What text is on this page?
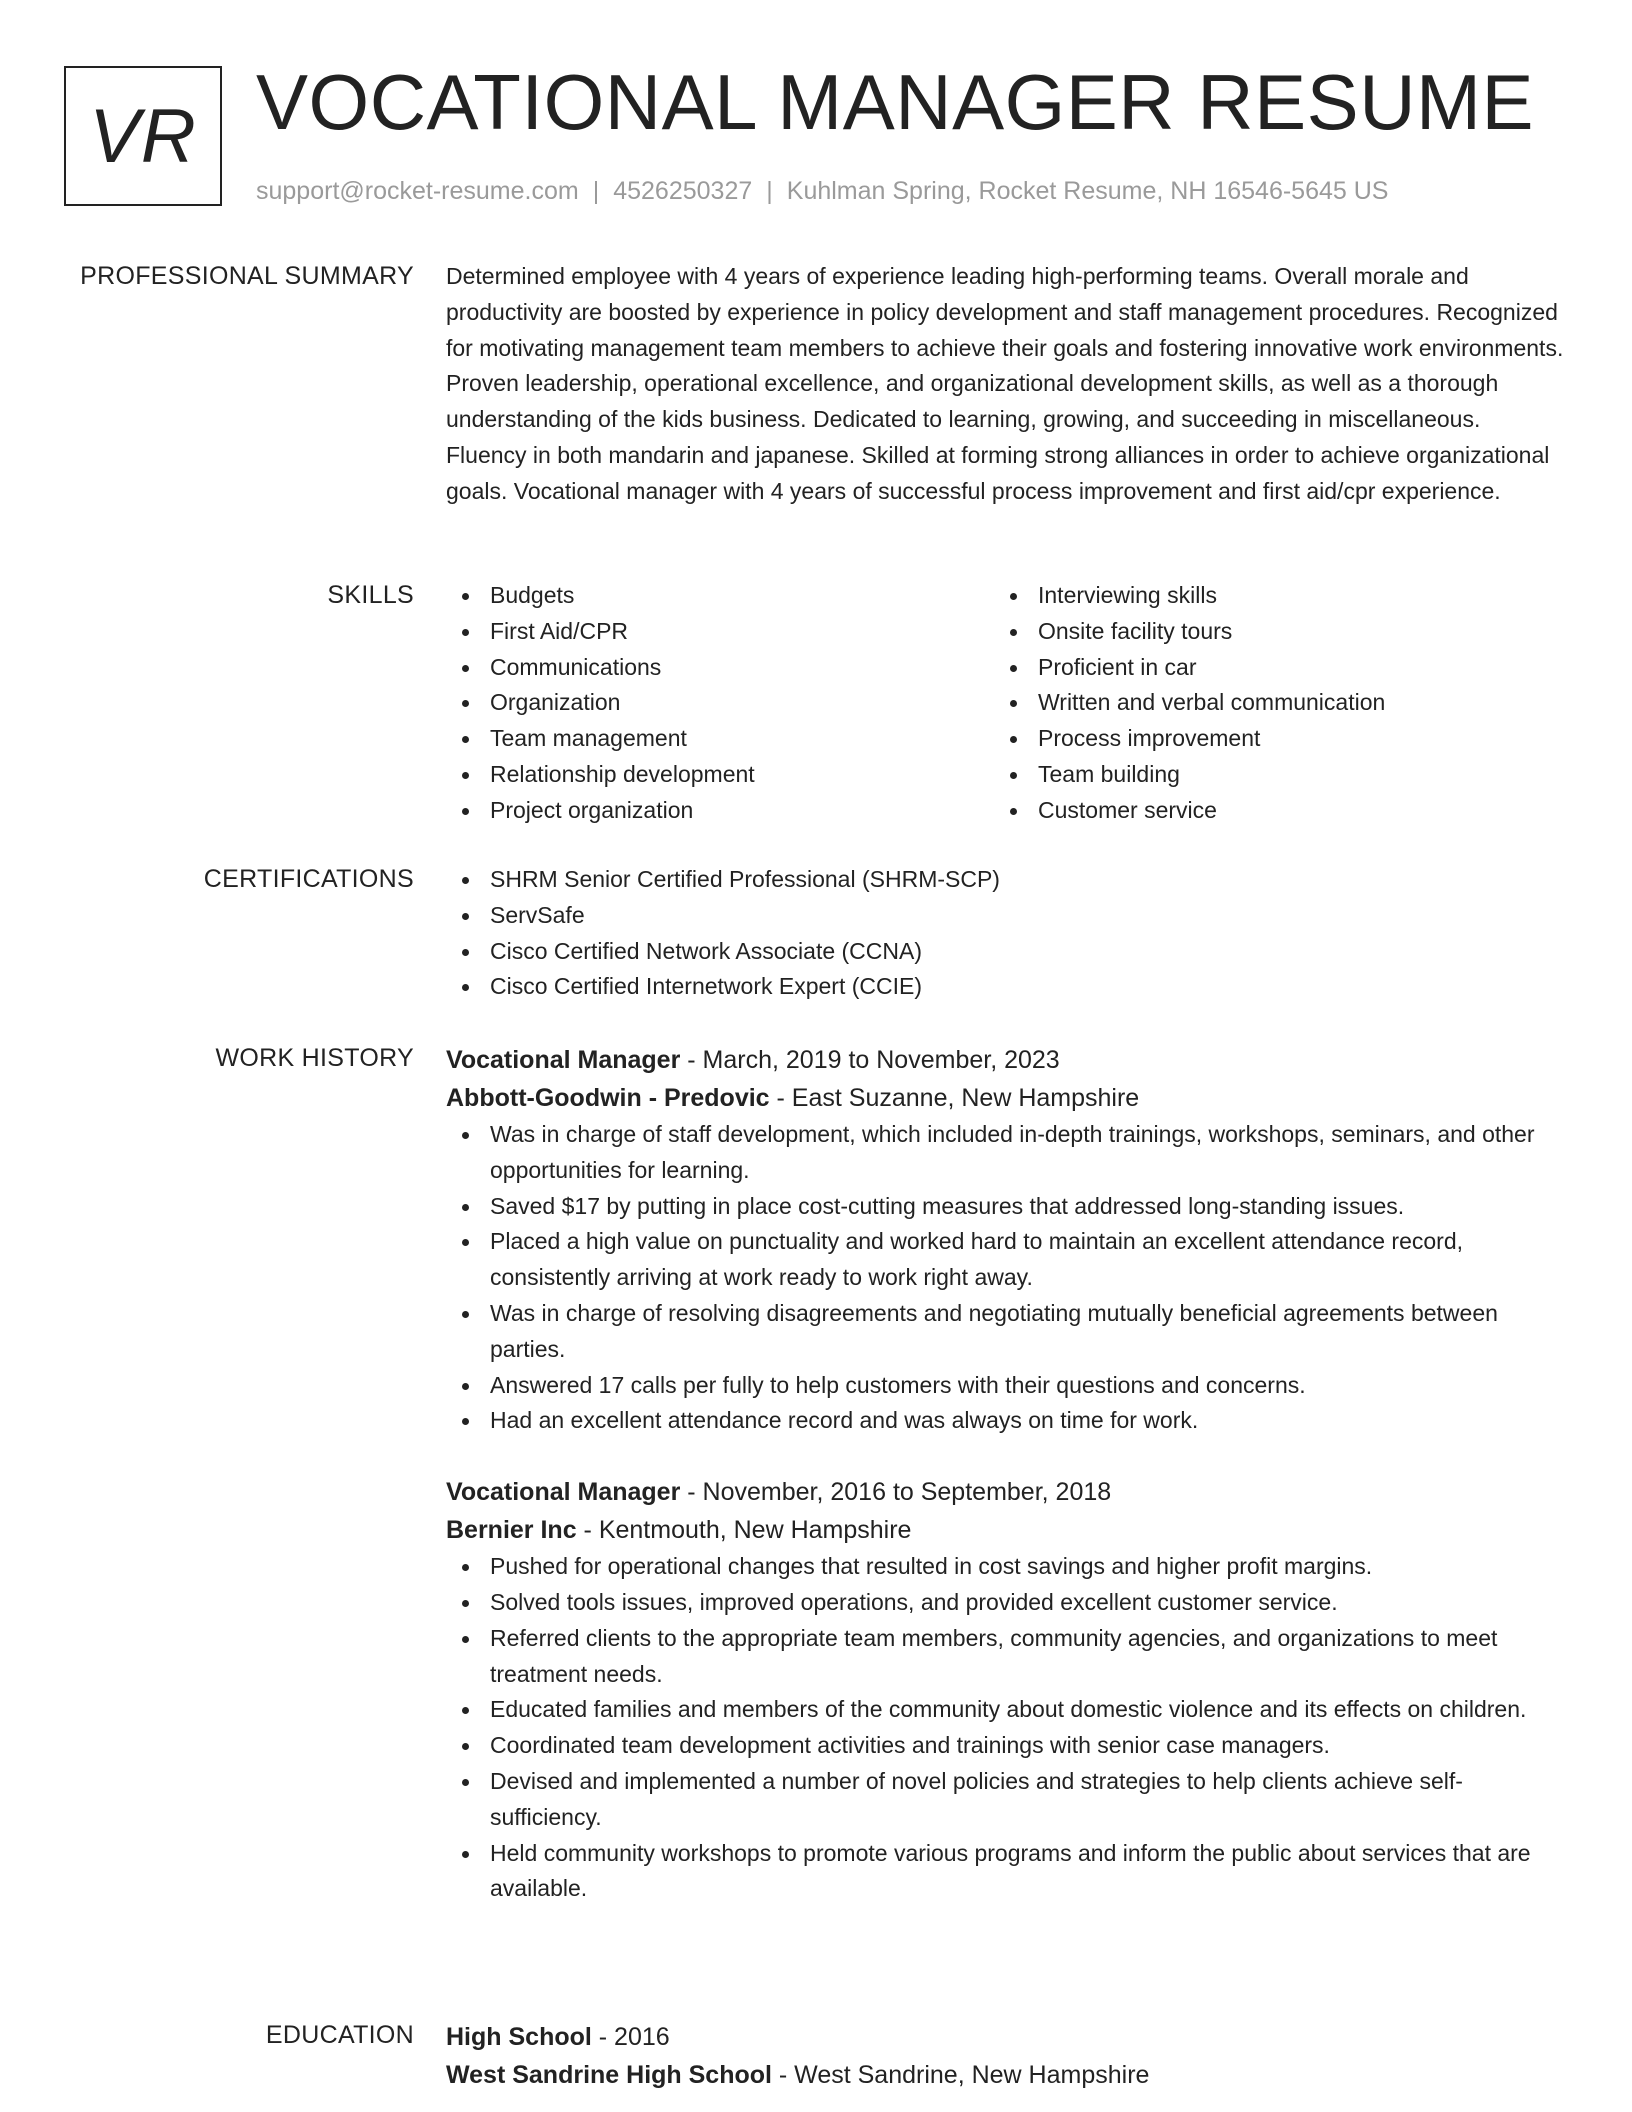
VR VOCATIONAL MANAGER RESUME
support@rocket-resume.com | 4526250327 | Kuhlman Spring, Rocket Resume, NH 16546-5645 US
PROFESSIONAL SUMMARY Determined employee with 4 years of experience leading high-performing teams. Overall morale and productivity are boosted by experience in policy development and staff management procedures. Recognized for motivating management team members to achieve their goals and fostering innovative work environments. Proven leadership, operational excellence, and organizational development skills, as well as a thorough understanding of the kids business. Dedicated to learning, growing, and succeeding in miscellaneous. Fluency in both mandarin and japanese. Skilled at forming strong alliances in order to achieve organizational goals. Vocational manager with 4 years of successful process improvement and first aid/cpr experience.

SKILLS	Budgets
First Aid/CPR
Communications
Organization
Team management
Relationship development
Project organization
Interviewing skills
Onsite facility tours
Proficient in car
Written and verbal communication
Process improvement
Team building
Customer service
CERTIFICATIONS	SHRM Senior Certified Professional (SHRM-SCP)
ServSafe
Cisco Certified Network Associate (CCNA)
Cisco Certified Internetwork Expert (CCIE)
WORK HISTORY Vocational Manager - March, 2019 to November, 2023
Abbott-Goodwin - Predovic - East Suzanne, New Hampshire
Was in charge of staff development, which included in-depth trainings, workshops, seminars, and other opportunities for learning.
Saved $17 by putting in place cost-cutting measures that addressed long-standing issues.
Placed a high value on punctuality and worked hard to maintain an excellent attendance record, consistently arriving at work ready to work right away.
Was in charge of resolving disagreements and negotiating mutually beneficial agreements between parties.
Answered 17 calls per fully to help customers with their questions and concerns.
Had an excellent attendance record and was always on time for work.
Vocational Manager - November, 2016 to September, 2018
Bernier Inc - Kentmouth, New Hampshire
Pushed for operational changes that resulted in cost savings and higher profit margins.
Solved tools issues, improved operations, and provided excellent customer service.
Referred clients to the appropriate team members, community agencies, and organizations to meet treatment needs.
Educated families and members of the community about domestic violence and its effects on children.
Coordinated team development activities and trainings with senior case managers.
Devised and implemented a number of novel policies and strategies to help clients achieve self-sufficiency.
Held community workshops to promote various programs and inform the public about services that are available.
EDUCATION High School - 2016
West Sandrine High School - West Sandrine, New Hampshire
